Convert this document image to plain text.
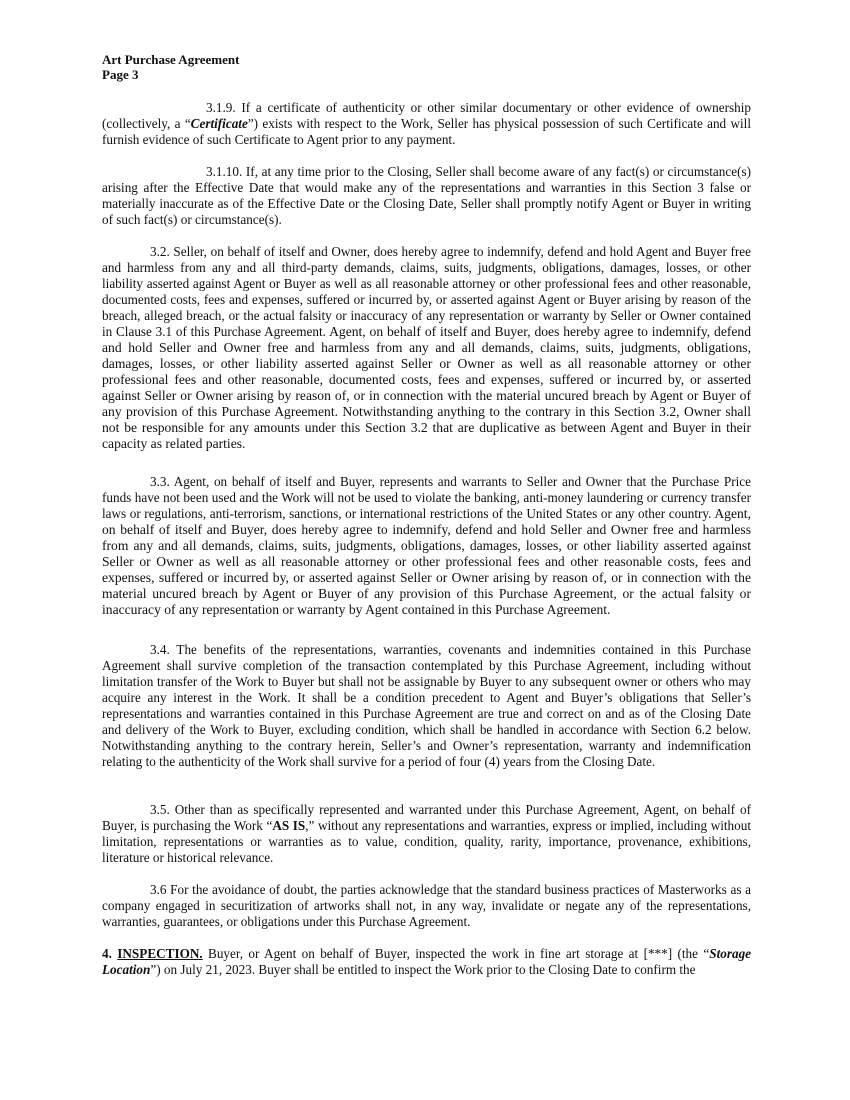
Art Purchase Agreement
Page 3

3.1.9. If a certificate of authenticity or other similar documentary or other evidence of ownership (collectively, a “Certificate”) exists with respect to the Work, Seller has physical possession of such Certificate and will furnish evidence of such Certificate to Agent prior to any payment.

3.1.10. If, at any time prior to the Closing, Seller shall become aware of any fact(s) or circumstance(s) arising after the Effective Date that would make any of the representations and warranties in this Section 3 false or materially inaccurate as of the Effective Date or the Closing Date, Seller shall promptly notify Agent or Buyer in writing of such fact(s) or circumstance(s).

3.2. Seller, on behalf of itself and Owner, does hereby agree to indemnify, defend and hold Agent and Buyer free and harmless from any and all third-party demands, claims, suits, judgments, obligations, damages, losses, or other liability asserted against Agent or Buyer as well as all reasonable attorney or other professional fees and other reasonable, documented costs, fees and expenses, suffered or incurred by, or asserted against Agent or Buyer arising by reason of the breach, alleged breach, or the actual falsity or inaccuracy of any representation or warranty by Seller or Owner contained in Clause 3.1 of this Purchase Agreement. Agent, on behalf of itself and Buyer, does hereby agree to indemnify, defend and hold Seller and Owner free and harmless from any and all demands, claims, suits, judgments, obligations, damages, losses, or other liability asserted against Seller or Owner as well as all reasonable attorney or other professional fees and other reasonable, documented costs, fees and expenses, suffered or incurred by, or asserted against Seller or Owner arising by reason of, or in connection with the material uncured breach by Agent or Buyer of any provision of this Purchase Agreement. Notwithstanding anything to the contrary in this Section 3.2, Owner shall not be responsible for any amounts under this Section 3.2 that are duplicative as between Agent and Buyer in their capacity as related parties.

3.3. Agent, on behalf of itself and Buyer, represents and warrants to Seller and Owner that the Purchase Price funds have not been used and the Work will not be used to violate the banking, anti-money laundering or currency transfer laws or regulations, anti-terrorism, sanctions, or international restrictions of the United States or any other country. Agent, on behalf of itself and Buyer, does hereby agree to indemnify, defend and hold Seller and Owner free and harmless from any and all demands, claims, suits, judgments, obligations, damages, losses, or other liability asserted against Seller or Owner as well as all reasonable attorney or other professional fees and other reasonable costs, fees and expenses, suffered or incurred by, or asserted against Seller or Owner arising by reason of, or in connection with the material uncured breach by Agent or Buyer of any provision of this Purchase Agreement, or the actual falsity or inaccuracy of any representation or warranty by Agent contained in this Purchase Agreement.

3.4. The benefits of the representations, warranties, covenants and indemnities contained in this Purchase Agreement shall survive completion of the transaction contemplated by this Purchase Agreement, including without limitation transfer of the Work to Buyer but shall not be assignable by Buyer to any subsequent owner or others who may acquire any interest in the Work. It shall be a condition precedent to Agent and Buyer’s obligations that Seller’s representations and warranties contained in this Purchase Agreement are true and correct on and as of the Closing Date and delivery of the Work to Buyer, excluding condition, which shall be handled in accordance with Section 6.2 below. Notwithstanding anything to the contrary herein, Seller’s and Owner’s representation, warranty and indemnification relating to the authenticity of the Work shall survive for a period of four (4) years from the Closing Date.

3.5. Other than as specifically represented and warranted under this Purchase Agreement, Agent, on behalf of Buyer, is purchasing the Work “AS IS,” without any representations and warranties, express or implied, including without limitation, representations or warranties as to value, condition, quality, rarity, importance, provenance, exhibitions, literature or historical relevance.

3.6 For the avoidance of doubt, the parties acknowledge that the standard business practices of Masterworks as a company engaged in securitization of artworks shall not, in any way, invalidate or negate any of the representations, warranties, guarantees, or obligations under this Purchase Agreement.

4. INSPECTION. Buyer, or Agent on behalf of Buyer, inspected the work in fine art storage at [***] (the “Storage Location”) on July 21, 2023. Buyer shall be entitled to inspect the Work prior to the Closing Date to confirm the
